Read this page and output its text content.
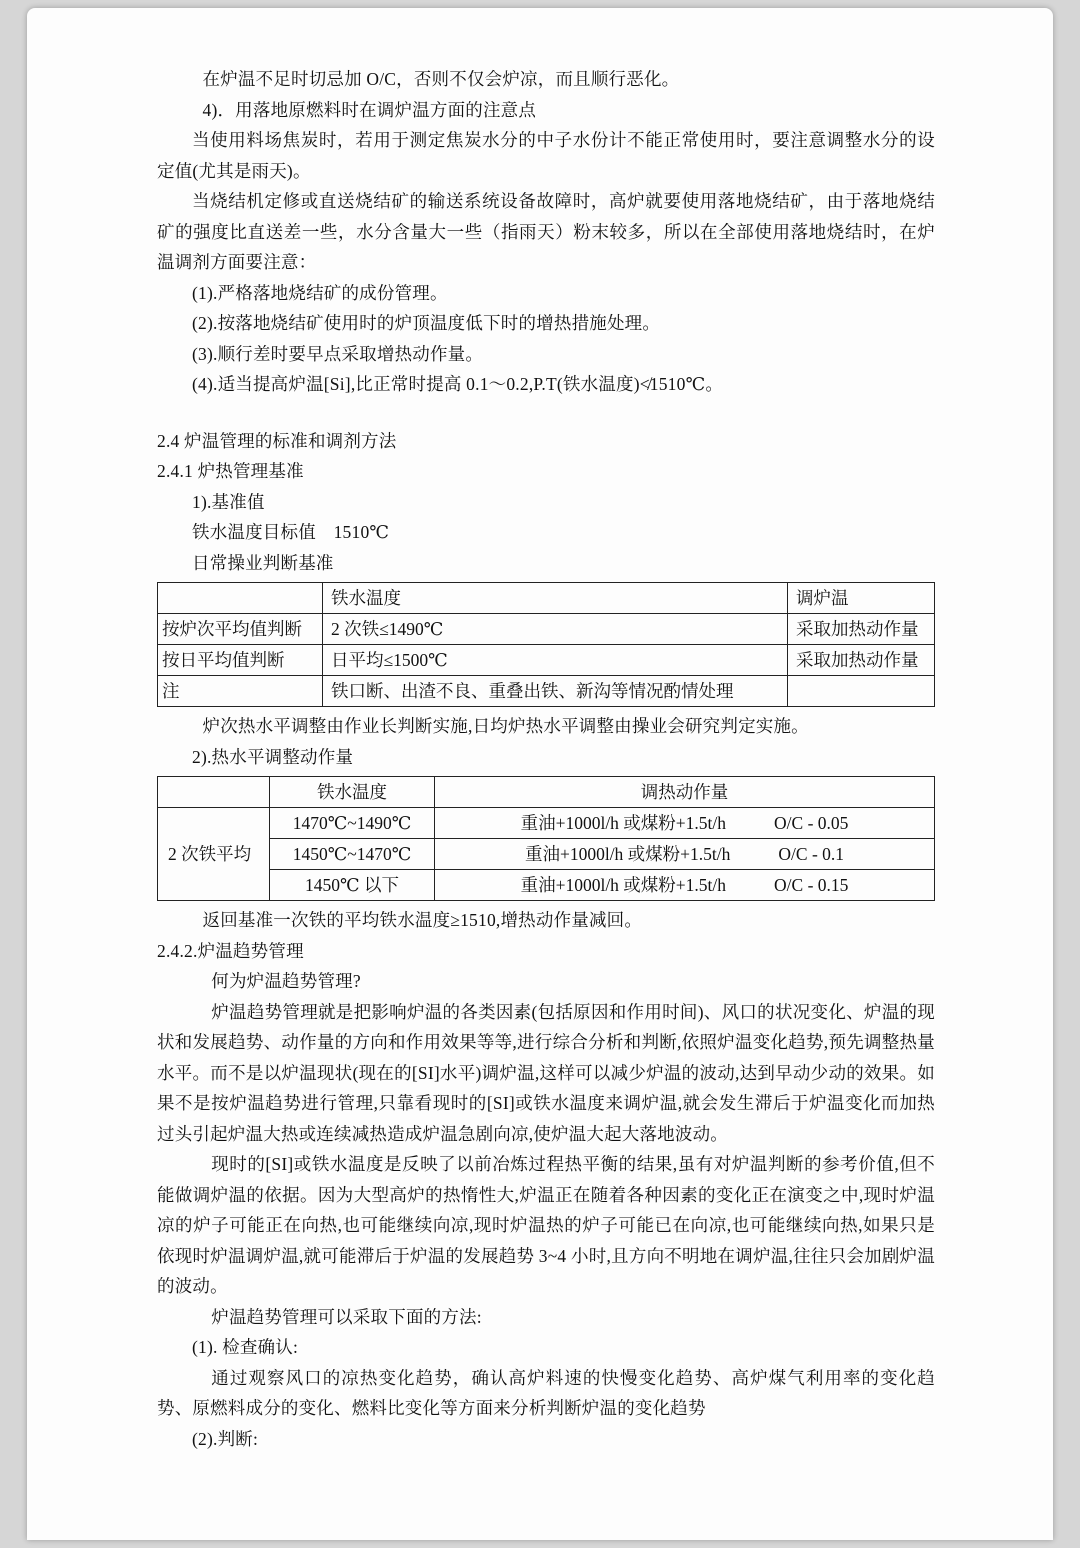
在炉温不足时切忌加 O/C，否则不仅会炉凉，而且顺行恶化。

4)．用落地原燃料时在调炉温方面的注意点

当使用料场焦炭时，若用于测定焦炭水分的中子水份计不能正常使用时，要注意调整水分的设定值(尤其是雨天)。

当烧结机定修或直送烧结矿的输送系统设备故障时，高炉就要使用落地烧结矿，由于落地烧结矿的强度比直送差一些，水分含量大一些（指雨天）粉末较多，所以在全部使用落地烧结时，在炉温调剂方面要注意：

(1).严格落地烧结矿的成份管理。

(2).按落地烧结矿使用时的炉顶温度低下时的增热措施处理。

(3).顺行差时要早点采取增热动作量。

(4).适当提高炉温[Si],比正常时提高 0.1～0.2,P.T(铁水温度)≮1510℃。

2.4 炉温管理的标准和调剂方法

2.4.1 炉热管理基准

1).基准值

铁水温度目标值　1510℃

日常操业判断基准

	铁水温度	调炉温
按炉次平均值判断	2 次铁≤1490℃	采取加热动作量
按日平均值判断	日平均≤1500℃	采取加热动作量
注	铁口断、出渣不良、重叠出铁、新沟等情况酌情处理	

炉次热水平调整由作业长判断实施,日均炉热水平调整由操业会研究判定实施。

2).热水平调整动作量

	铁水温度	调热动作量
2 次铁平均	1470℃~1490℃	重油+1000l/h 或煤粉+1.5t/h O/C - 0.05
	1450℃~1470℃	重油+1000l/h 或煤粉+1.5t/h O/C - 0.1
	1450℃ 以下	重油+1000l/h 或煤粉+1.5t/h O/C - 0.15

返回基准一次铁的平均铁水温度≥1510,增热动作量减回。

2.4.2.炉温趋势管理

何为炉温趋势管理?

炉温趋势管理就是把影响炉温的各类因素(包括原因和作用时间)、风口的状况变化、炉温的现状和发展趋势、动作量的方向和作用效果等等,进行综合分析和判断,依照炉温变化趋势,预先调整热量水平。而不是以炉温现状(现在的[SI]水平)调炉温,这样可以减少炉温的波动,达到早动少动的效果。如果不是按炉温趋势进行管理,只靠看现时的[SI]或铁水温度来调炉温,就会发生滞后于炉温变化而加热过头引起炉温大热或连续减热造成炉温急剧向凉,使炉温大起大落地波动。

现时的[SI]或铁水温度是反映了以前冶炼过程热平衡的结果,虽有对炉温判断的参考价值,但不能做调炉温的依据。因为大型高炉的热惰性大,炉温正在随着各种因素的变化正在演变之中,现时炉温凉的炉子可能正在向热,也可能继续向凉,现时炉温热的炉子可能已在向凉,也可能继续向热,如果只是依现时炉温调炉温,就可能滞后于炉温的发展趋势 3~4 小时,且方向不明地在调炉温,往往只会加剧炉温的波动。

炉温趋势管理可以采取下面的方法:

(1). 检查确认:

通过观察风口的凉热变化趋势，确认高炉料速的快慢变化趋势、高炉煤气利用率的变化趋势、原燃料成分的变化、燃料比变化等方面来分析判断炉温的变化趋势

(2).判断:
